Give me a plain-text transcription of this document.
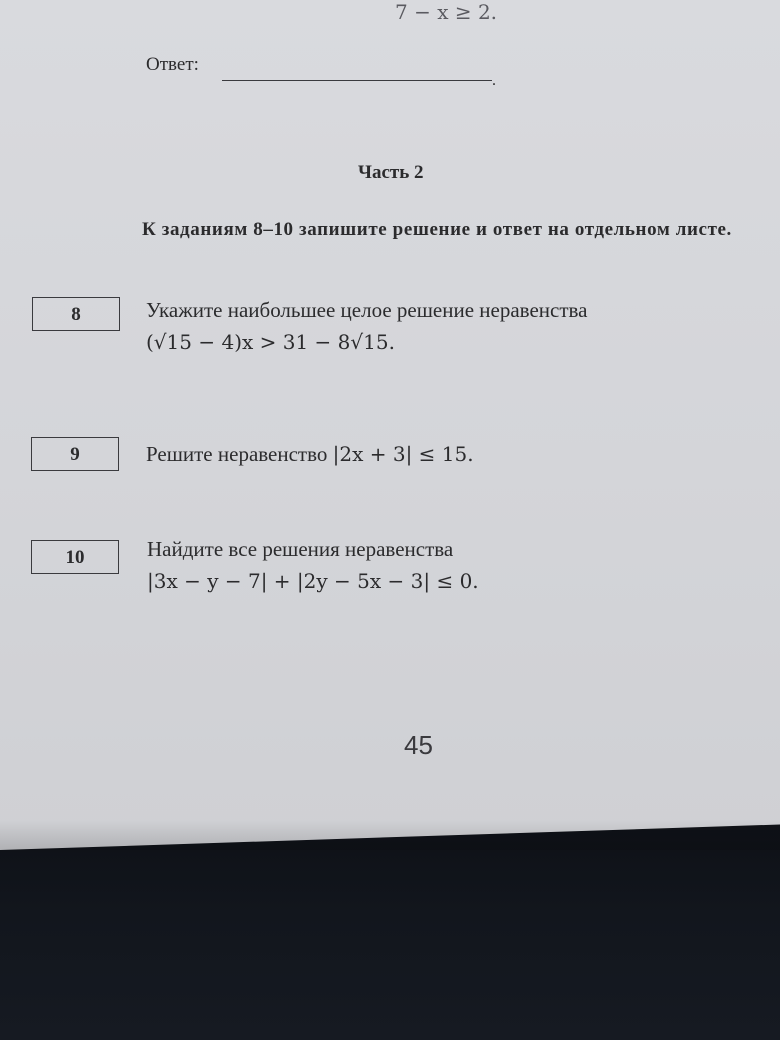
7 − x ≥ 2.
Ответ:
.
Часть 2
К заданиям 8–10 запишите решение и ответ на отдельном листе.
8	Укажите наибольшее целое решение неравенства
(√15 − 4)x > 31 − 8√15.
9	Решите неравенство |2x + 3| ≤ 15.
10	Найдите все решения неравенства
|3x − y − 7| + |2y − 5x − 3| ≤ 0.
45
